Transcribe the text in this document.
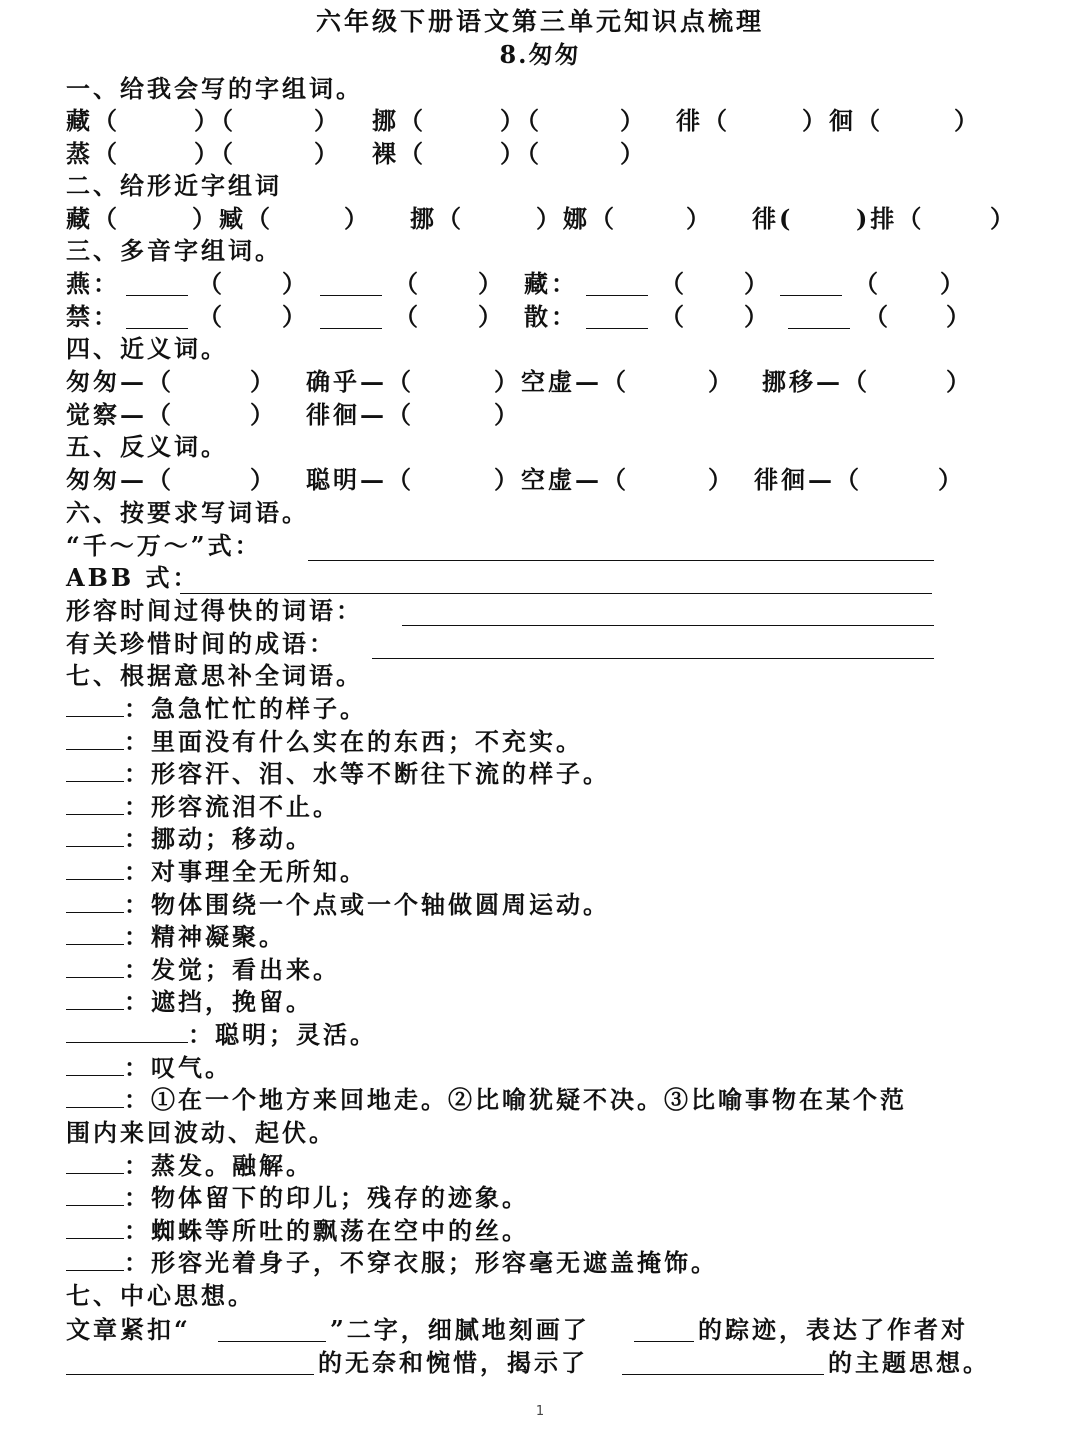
六年级下册语文第三单元知识点梳理
8.匆匆
一、给我会写的字组词。
藏（	）（	） 挪（	）（	） 徘（	）徊（	）
蒸（	）（	） 裸（	）（	）
二、给形近字组词
藏（	）臧（	） 挪（	）娜（	） 徘(	)排（	）
三、多音字组词。
燕：	（ ）	（ ） 藏：	（ ）	（ ）
禁：	（ ）	（ ） 散：	（ ）	（ ）
四、近义词。
匆匆—（	） 确乎—（	）空虚—（	） 挪移—（	）
觉察—（	） 徘徊—（	）
五、反义词。
匆匆—（	） 聪明—（	）空虚—（	） 徘徊—（	）
六、按要求写词语。
“千～万～”式：
ABB 式：
形容时间过得快的词语：
有关珍惜时间的成语：
七、根据意思补全词语。
：急急忙忙的样子。
：里面没有什么实在的东西；不充实。
：形容汗、泪、水等不断往下流的样子。
：形容流泪不止。
：挪动；移动。
：对事理全无所知。
：物体围绕一个点或一个轴做圆周运动。
：精神凝聚。
：发觉；看出来。
：遮挡，挽留。
：聪明；灵活。
：叹气。
：①在一个地方来回地走。②比喻犹疑不决。③比喻事物在某个范
围内来回波动、起伏。
：蒸发。融解。
：物体留下的印儿；残存的迹象。
：蜘蛛等所吐的飘荡在空中的丝。
：形容光着身子，不穿衣服；形容毫无遮盖掩饰。
七、中心思想。
文章紧扣“	”二字，细腻地刻画了	的踪迹，表达了作者对
的无奈和惋惜，揭示了	的主题思想。
1
